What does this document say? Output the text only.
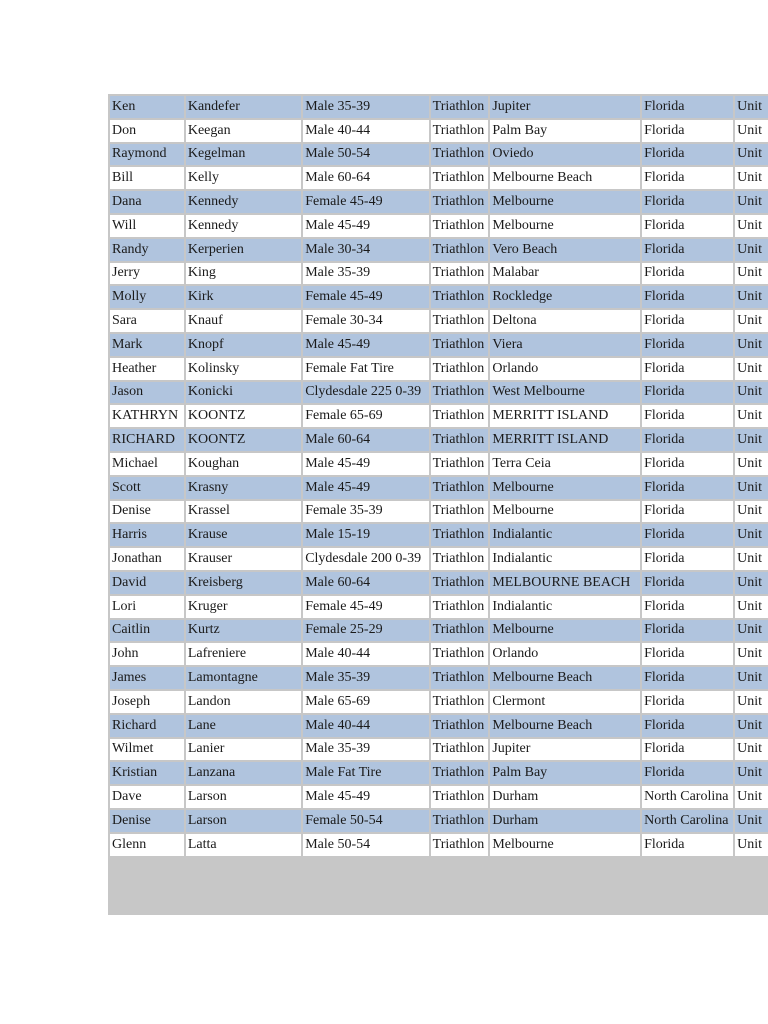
Ken	Kandefer	Male 35-39	Triathlon	Jupiter	Florida	Unit
Don	Keegan	Male 40-44	Triathlon	Palm Bay	Florida	Unit
Raymond	Kegelman	Male 50-54	Triathlon	Oviedo	Florida	Unit
Bill	Kelly	Male 60-64	Triathlon	Melbourne Beach	Florida	Unit
Dana	Kennedy	Female 45-49	Triathlon	Melbourne	Florida	Unit
Will	Kennedy	Male 45-49	Triathlon	Melbourne	Florida	Unit
Randy	Kerperien	Male 30-34	Triathlon	Vero Beach	Florida	Unit
Jerry	King	Male 35-39	Triathlon	Malabar	Florida	Unit
Molly	Kirk	Female 45-49	Triathlon	Rockledge	Florida	Unit
Sara	Knauf	Female 30-34	Triathlon	Deltona	Florida	Unit
Mark	Knopf	Male 45-49	Triathlon	Viera	Florida	Unit
Heather	Kolinsky	Female Fat Tire	Triathlon	Orlando	Florida	Unit
Jason	Konicki	Clydesdale 225 0-39	Triathlon	West Melbourne	Florida	Unit
KATHRYN	KOONTZ	Female 65-69	Triathlon	MERRITT ISLAND	Florida	Unit
RICHARD	KOONTZ	Male 60-64	Triathlon	MERRITT ISLAND	Florida	Unit
Michael	Koughan	Male 45-49	Triathlon	Terra Ceia	Florida	Unit
Scott	Krasny	Male 45-49	Triathlon	Melbourne	Florida	Unit
Denise	Krassel	Female 35-39	Triathlon	Melbourne	Florida	Unit
Harris	Krause	Male 15-19	Triathlon	Indialantic	Florida	Unit
Jonathan	Krauser	Clydesdale 200 0-39	Triathlon	Indialantic	Florida	Unit
David	Kreisberg	Male 60-64	Triathlon	MELBOURNE BEACH	Florida	Unit
Lori	Kruger	Female 45-49	Triathlon	Indialantic	Florida	Unit
Caitlin	Kurtz	Female 25-29	Triathlon	Melbourne	Florida	Unit
John	Lafreniere	Male 40-44	Triathlon	Orlando	Florida	Unit
James	Lamontagne	Male 35-39	Triathlon	Melbourne Beach	Florida	Unit
Joseph	Landon	Male 65-69	Triathlon	Clermont	Florida	Unit
Richard	Lane	Male 40-44	Triathlon	Melbourne Beach	Florida	Unit
Wilmet	Lanier	Male 35-39	Triathlon	Jupiter	Florida	Unit
Kristian	Lanzana	Male Fat Tire	Triathlon	Palm Bay	Florida	Unit
Dave	Larson	Male 45-49	Triathlon	Durham	North Carolina	Unit
Denise	Larson	Female 50-54	Triathlon	Durham	North Carolina	Unit
Glenn	Latta	Male 50-54	Triathlon	Melbourne	Florida	Unit
